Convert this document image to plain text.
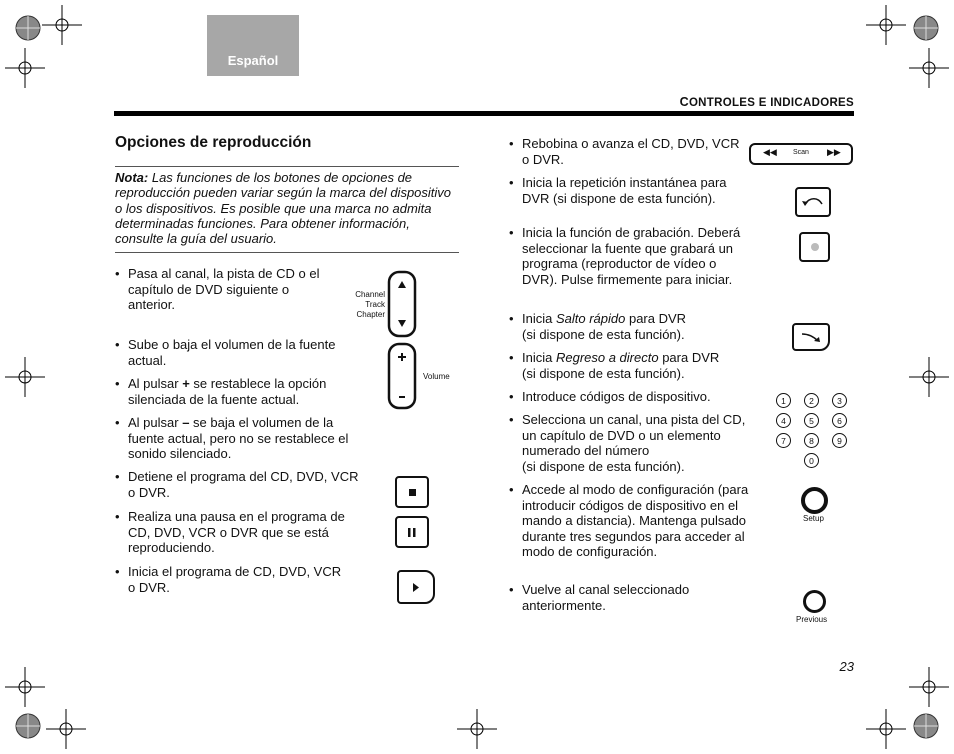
Español
CONTROLES E INDICADORES
Opciones de reproducción
Nota: Las funciones de los botones de opciones de reproducción pueden variar según la marca del dispositivo o los dispositivos. Es posible que una marca no admita determinadas funciones. Para obtener información, consulte la guía del usuario.
• Pasa al canal, la pista de CD o el capítulo de DVD siguiente o anterior.
• Sube o baja el volumen de la fuente actual.
• Al pulsar + se restablece la opción silenciada de la fuente actual.
• Al pulsar – se baja el volumen de la fuente actual, pero no se restablece el sonido silenciado.
• Detiene el programa del CD, DVD, VCR o DVR.
• Realiza una pausa en el programa de CD, DVD, VCR o DVR que se está reproduciendo.
• Inicia el programa de CD, DVD, VCR o DVR.
Channel
Track
Chapter
Volume
• Rebobina o avanza el CD, DVD, VCR o DVR.
• Inicia la repetición instantánea para DVR (si dispone de esta función).
• Inicia la función de grabación. Deberá seleccionar la fuente que grabará un programa (reproductor de vídeo o DVR). Pulse firmemente para iniciar.
• Inicia Salto rápido para DVR
(si dispone de esta función).
• Inicia Regreso a directo para DVR
(si dispone de esta función).
• Introduce códigos de dispositivo.
• Selecciona un canal, una pista del CD, un capítulo de DVD o un elemento numerado del número
(si dispone de esta función).
• Accede al modo de configuración (para introducir códigos de dispositivo en el mando a distancia). Mantenga pulsado durante tres segundos para acceder al modo de configuración.
• Vuelve al canal seleccionado anteriormente.
◀◀ Scan ▶▶
1	2	3
4	5	6
7	8	9
0
Setup
Previous
23
